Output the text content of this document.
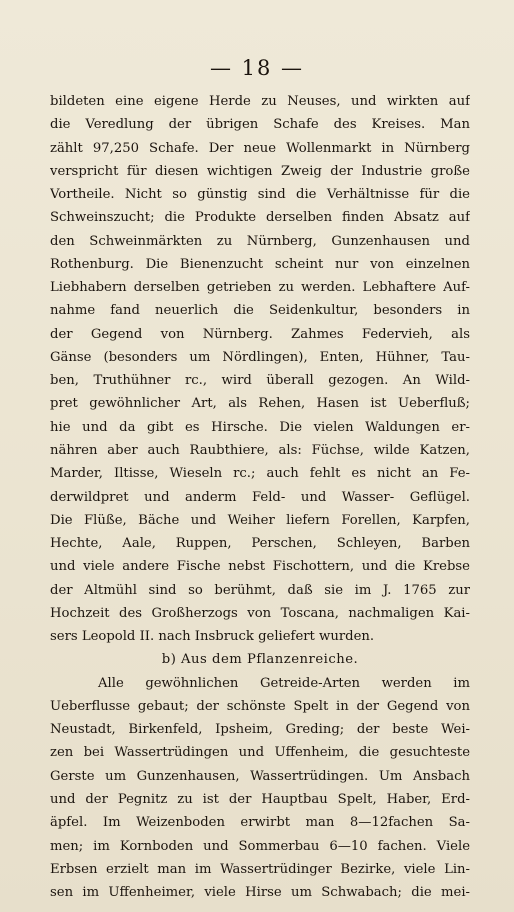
— 18 —
bildeten eine eigene Herde zu Neuses, und wirkten auf
die Veredlung der übrigen Schafe des Kreises. Man
zählt 97,250 Schafe. Der neue Wollenmarkt in Nürnberg
verspricht für diesen wichtigen Zweig der Industrie große
Vortheile. Nicht so günstig sind die Verhältnisse für die
Schweinszucht; die Produkte derselben finden Absatz auf
den Schweinmärkten zu Nürnberg, Gunzenhausen und
Rothenburg. Die Bienenzucht scheint nur von einzelnen
Liebhabern derselben getrieben zu werden. Lebhaftere Auf-
nahme fand neuerlich die Seidenkultur, besonders in
der Gegend von Nürnberg. Zahmes Federvieh, als
Gänse (besonders um Nördlingen), Enten, Hühner, Tau-
ben, Truthühner rc., wird überall gezogen. An Wild-
pret gewöhnlicher Art, als Rehen, Hasen ist Ueberfluß;
hie und da gibt es Hirsche. Die vielen Waldungen er-
nähren aber auch Raubthiere, als: Füchse, wilde Katzen,
Marder, Iltisse, Wieseln rc.; auch fehlt es nicht an Fe-
derwildpret und anderm Feld- und Wasser- Geflügel.
Die Flüße, Bäche und Weiher liefern Forellen, Karpfen,
Hechte, Aale, Ruppen, Perschen, Schleyen, Barben
und viele andere Fische nebst Fischottern, und die Krebse
der Altmühl sind so berühmt, daß sie im J. 1765 zur
Hochzeit des Großherzogs von Toscana, nachmaligen Kai-
sers Leopold II. nach Insbruck geliefert wurden.
b) Aus dem Pflanzenreiche.
Alle gewöhnlichen Getreide-Arten werden im
Ueberflusse gebaut; der schönste Spelt in der Gegend von
Neustadt, Birkenfeld, Ipsheim, Greding; der beste Wei-
zen bei Wassertrüdingen und Uffenheim, die gesuchteste
Gerste um Gunzenhausen, Wassertrüdingen. Um Ansbach
und der Pegnitz zu ist der Hauptbau Spelt, Haber, Erd-
äpfel. Im Weizenboden erwirbt man 8—12fachen Sa-
men; im Kornboden und Sommerbau 6—10 fachen. Viele
Erbsen erzielt man im Wassertrüdinger Bezirke, viele Lin-
sen im Uffenheimer, viele Hirse um Schwabach; die mei-
